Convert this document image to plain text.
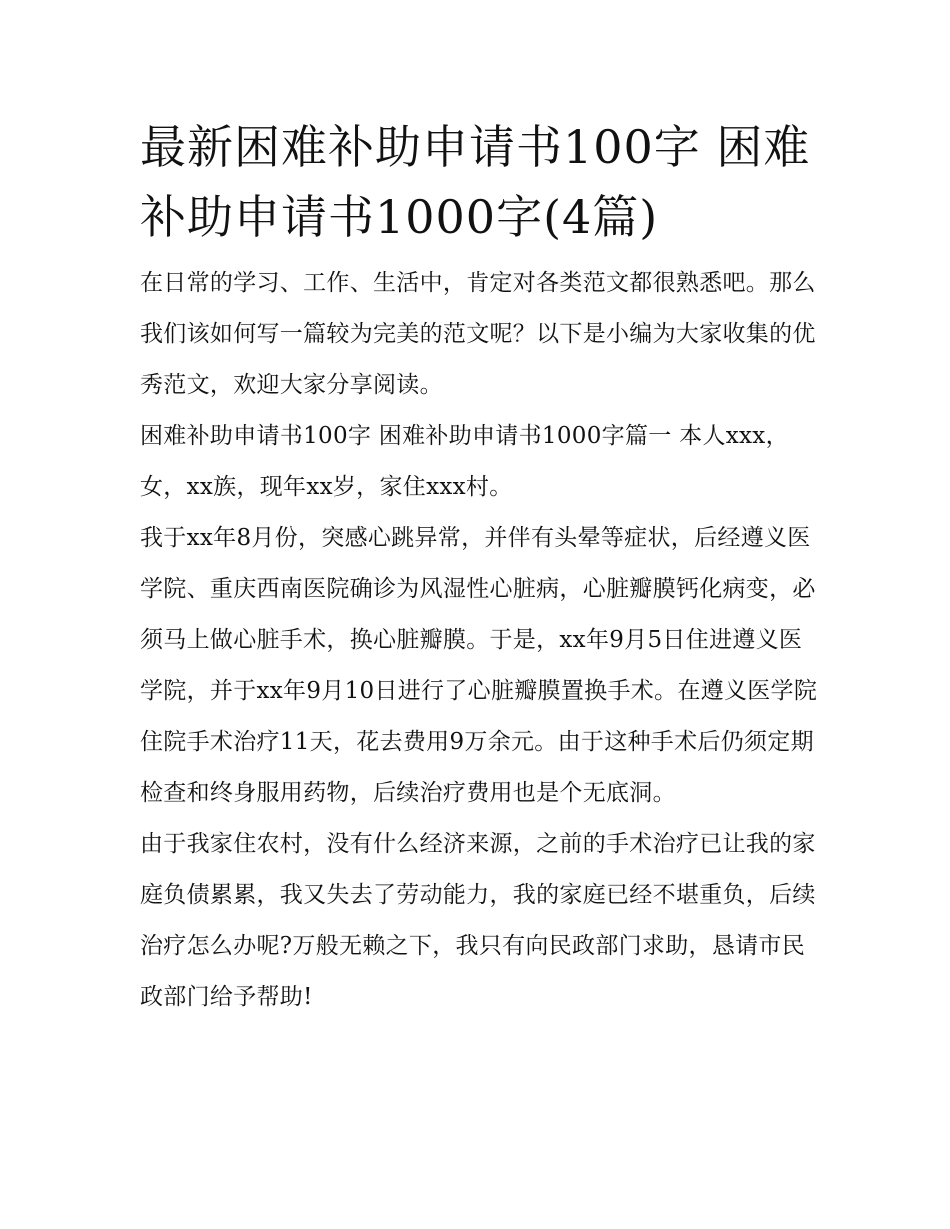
最新困难补助申请书100字 困难补助申请书1000字(4篇)

在日常的学习、工作、生活中，肯定对各类范文都很熟悉吧。那么我们该如何写一篇较为完美的范文呢？以下是小编为大家收集的优秀范文，欢迎大家分享阅读。

困难补助申请书100字 困难补助申请书1000字篇一 本人xxx，女，xx族，现年xx岁，家住xxx村。

我于xx年8月份，突感心跳异常，并伴有头晕等症状，后经遵义医学院、重庆西南医院确诊为风湿性心脏病，心脏瓣膜钙化病变，必须马上做心脏手术，换心脏瓣膜。于是，xx年9月5日住进遵义医学院，并于xx年9月10日进行了心脏瓣膜置换手术。在遵义医学院住院手术治疗11天，花去费用9万余元。由于这种手术后仍须定期检查和终身服用药物，后续治疗费用也是个无底洞。

由于我家住农村，没有什么经济来源，之前的手术治疗已让我的家庭负债累累，我又失去了劳动能力，我的家庭已经不堪重负，后续治疗怎么办呢?万般无赖之下，我只有向民政部门求助，恳请市民政部门给予帮助!
